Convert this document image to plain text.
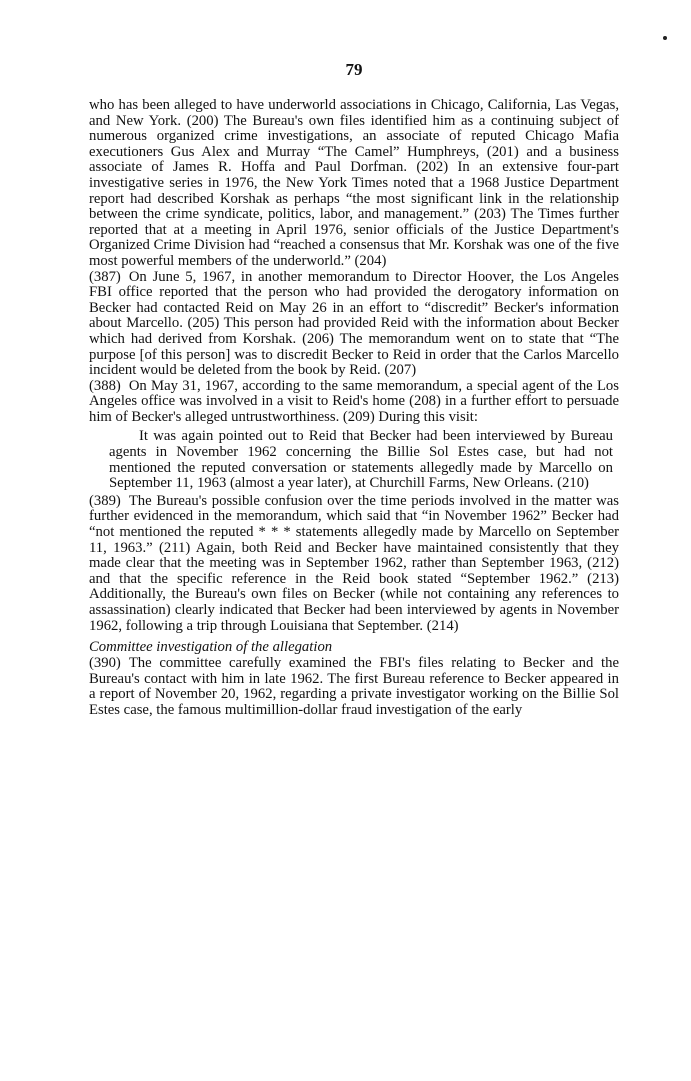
79

who has been alleged to have underworld associations in Chicago, California, Las Vegas, and New York. (200) The Bureau's own files identified him as a continuing subject of numerous organized crime investigations, an associate of reputed Chicago Mafia executioners Gus Alex and Murray “The Camel” Humphreys, (201) and a business associate of James R. Hoffa and Paul Dorfman. (202) In an extensive four-part investigative series in 1976, the New York Times noted that a 1968 Justice Department report had described Korshak as perhaps “the most significant link in the relationship between the crime syndicate, politics, labor, and management.” (203) The Times further reported that at a meeting in April 1976, senior officials of the Justice Department's Organized Crime Division had “reached a consensus that Mr. Korshak was one of the five most powerful members of the underworld.” (204)

(387) On June 5, 1967, in another memorandum to Director Hoover, the Los Angeles FBI office reported that the person who had provided the derogatory information on Becker had contacted Reid on May 26 in an effort to “discredit” Becker's information about Marcello. (205) This person had provided Reid with the information about Becker which had derived from Korshak. (206) The memorandum went on to state that “The purpose [of this person] was to discredit Becker to Reid in order that the Carlos Marcello incident would be deleted from the book by Reid. (207)

(388) On May 31, 1967, according to the same memorandum, a special agent of the Los Angeles office was involved in a visit to Reid's home (208) in a further effort to persuade him of Becker's alleged untrustworthiness. (209) During this visit:

It was again pointed out to Reid that Becker had been interviewed by Bureau agents in November 1962 concerning the Billie Sol Estes case, but had not mentioned the reputed conversation or statements allegedly made by Marcello on September 11, 1963 (almost a year later), at Churchill Farms, New Orleans. (210)

(389) The Bureau's possible confusion over the time periods involved in the matter was further evidenced in the memorandum, which said that “in November 1962” Becker had “not mentioned the reputed * * * statements allegedly made by Marcello on September 11, 1963.” (211) Again, both Reid and Becker have maintained consistently that they made clear that the meeting was in September 1962, rather than September 1963, (212) and that the specific reference in the Reid book stated “September 1962.” (213) Additionally, the Bureau's own files on Becker (while not containing any references to assassination) clearly indicated that Becker had been interviewed by agents in November 1962, following a trip through Louisiana that September. (214)

Committee investigation of the allegation

(390) The committee carefully examined the FBI's files relating to Becker and the Bureau's contact with him in late 1962. The first Bureau reference to Becker appeared in a report of November 20, 1962, regarding a private investigator working on the Billie Sol Estes case, the famous multimillion-dollar fraud investigation of the early
